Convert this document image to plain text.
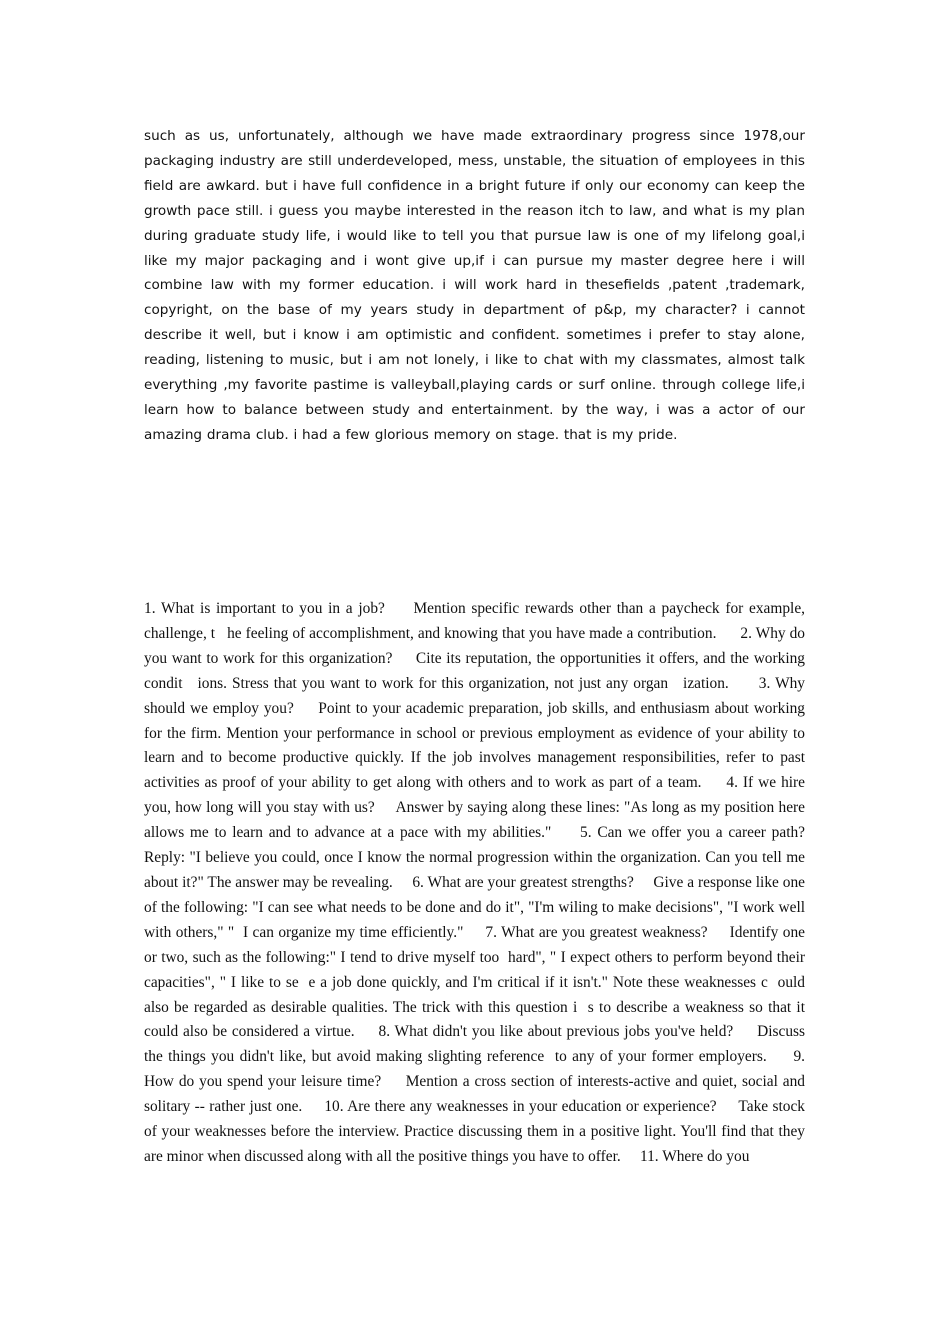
such as us, unfortunately, although we have made extraordinary progress since 1978,our packaging industry are still underdeveloped, mess, unstable, the situation of employees in this field are awkard. but i have full confidence in a bright future if only our economy can keep the growth pace still. i guess you maybe interested in the reason itch to law, and what is my plan during graduate study life, i would like to tell you that pursue law is one of my lifelong goal,i like my major packaging and i wont give up,if i can pursue my master degree here i will combine law with my former education. i will work hard in thesefields ,patent ,trademark, copyright, on the base of my years study in department of p&p, my character? i cannot describe it well, but i know i am optimistic and confident. sometimes i prefer to stay alone, reading, listening to music, but i am not lonely, i like to chat with my classmates, almost talk everything ,my favorite pastime is valleyball,playing cards or surf online. through college life,i learn how to balance between study and entertainment. by the way, i was a actor of our amazing drama club. i had a few glorious memory on stage. that is my pride.

1. What is important to you in a job?     Mention specific rewards other than a paycheck for example, challenge, t   he feeling of accomplishment, and knowing that you have made a contribution.      2. Why do you want to work for this organization?     Cite its reputation, the opportunities it offers, and the working condit   ions. Stress that you want to work for this organization, not just any organ   ization.      3. Why should we employ you?     Point to your academic preparation, job skills, and enthusiasm about working for the firm. Mention your performance in school or previous employment as evidence of your ability to learn and to become productive quickly. If the job involves management responsibilities, refer to past activities as proof of your ability to get along with others and to work as part of a team.     4. If we hire you, how long will you stay with us?     Answer by saying along these lines: "As long as my position here allows me to learn and to advance at a pace with my abilities."     5. Can we offer you a career path?     Reply: "I believe you could, once I know the normal progression within the organization. Can you tell me about it?" The answer may be revealing.     6. What are your greatest strengths?     Give a response like one of the following: "I can see what needs to be done and do it", "I'm wiling to make decisions", "I work well with others," "  I can organize my time efficiently."     7. What are you greatest weakness?     Identify one or two, such as the following:" I tend to drive myself too  hard", " I expect others to perform beyond their capacities", " I like to se  e a job done quickly, and I'm critical if it isn't." Note these weaknesses c  ould also be regarded as desirable qualities. The trick with this question i  s to describe a weakness so that it could also be considered a virtue.     8. What didn't you like about previous jobs you've held?     Discuss the things you didn't like, but avoid making slighting reference  to any of your former employers.     9. How do you spend your leisure time?     Mention a cross section of interests-active and quiet, social and solitary -- rather just one.     10. Are there any weaknesses in your education or experience?     Take stock of your weaknesses before the interview. Practice discussing them in a positive light. You'll find that they are minor when discussed along with all the positive things you have to offer.     11. Where do you
